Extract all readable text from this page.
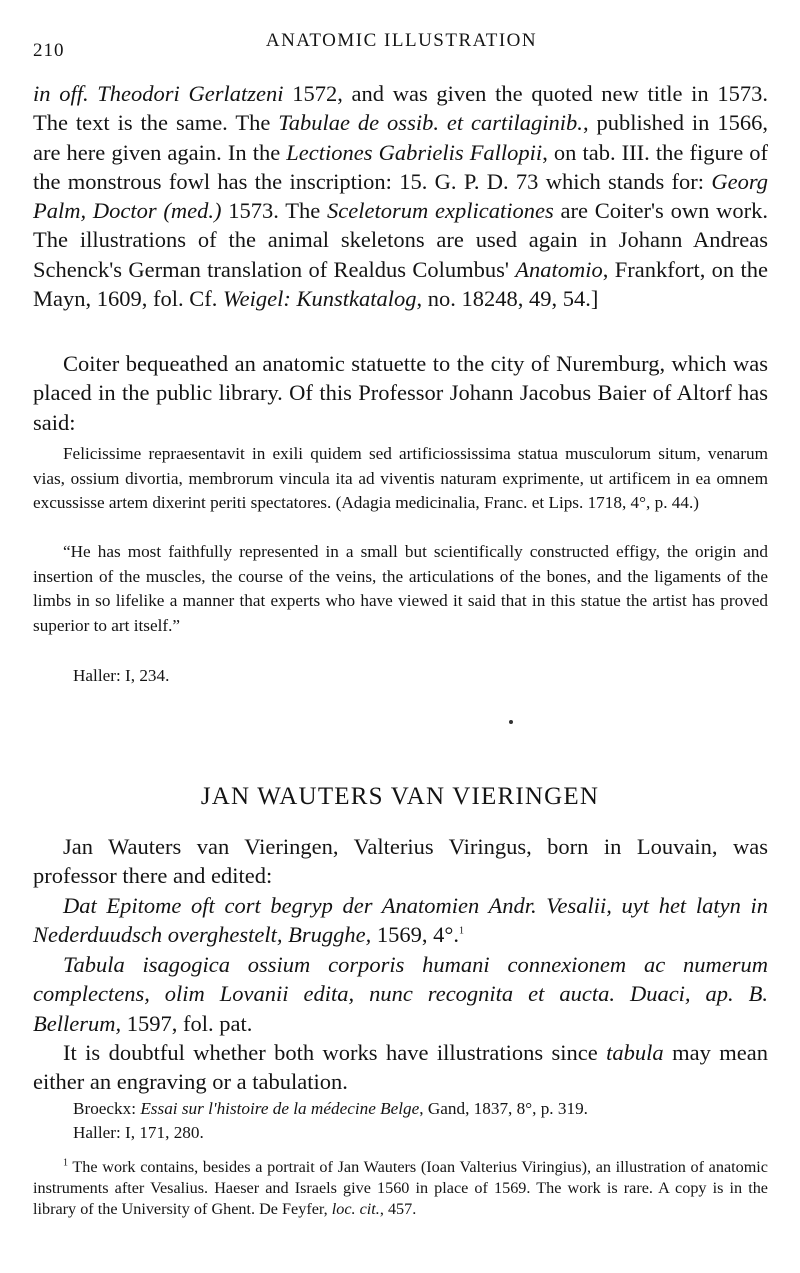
210	ANATOMIC ILLUSTRATION

in off. Theodori Gerlatzeni 1572, and was given the quoted new title in 1573. The text is the same. The Tabulae de ossib. et cartilaginib., published in 1566, are here given again. In the Lectiones Gabrielis Fallopii, on tab. III. the figure of the monstrous fowl has the inscription: 15. G. P. D. 73 which stands for: Georg Palm, Doctor (med.) 1573. The Sceletorum explicationes are Coiter's own work. The illustrations of the animal skeletons are used again in Johann Andreas Schenck's German translation of Realdus Columbus' Anatomio, Frankfort, on the Mayn, 1609, fol. Cf. Weigel: Kunstkatalog, no. 18248, 49, 54.]

Coiter bequeathed an anatomic statuette to the city of Nuremburg, which was placed in the public library. Of this Professor Johann Jacobus Baier of Altorf has said:

Felicissime repraesentavit in exili quidem sed artificiossissima statua musculorum situm, venarum vias, ossium divortia, membrorum vincula ita ad viventis naturam exprimente, ut artificem in ea omnem excussisse artem dixerint periti spectatores. (Adagia medicinalia, Franc. et Lips. 1718, 4°, p. 44.)

“He has most faithfully represented in a small but scientifically constructed effigy, the origin and insertion of the muscles, the course of the veins, the articulations of the bones, and the ligaments of the limbs in so lifelike a manner that experts who have viewed it said that in this statue the artist has proved superior to art itself.”

Haller: I, 234.
JAN WAUTERS VAN VIERINGEN

Jan Wauters van Vieringen, Valterius Viringus, born in Louvain, was professor there and edited:

Dat Epitome oft cort begryp der Anatomien Andr. Vesalii, uyt het latyn in Nederduudsch overghestelt, Brugghe, 1569, 4°.$^1$

Tabula isagogica ossium corporis humani connexionem ac numerum complectens, olim Lovanii edita, nunc recognita et aucta. Duaci, ap. B. Bellerum, 1597, fol. pat.

It is doubtful whether both works have illustrations since tabula may mean either an engraving or a tabulation.

Broeckx: Essai sur l'histoire de la médecine Belge, Gand, 1837, 8°, p. 319.
Haller: I, 171, 280.

$^1$ The work contains, besides a portrait of Jan Wauters (Ioan Valterius Viringius), an illustration of anatomic instruments after Vesalius. Haeser and Israels give 1560 in place of 1569. The work is rare. A copy is in the library of the University of Ghent. De Feyfer, loc. cit., 457.
